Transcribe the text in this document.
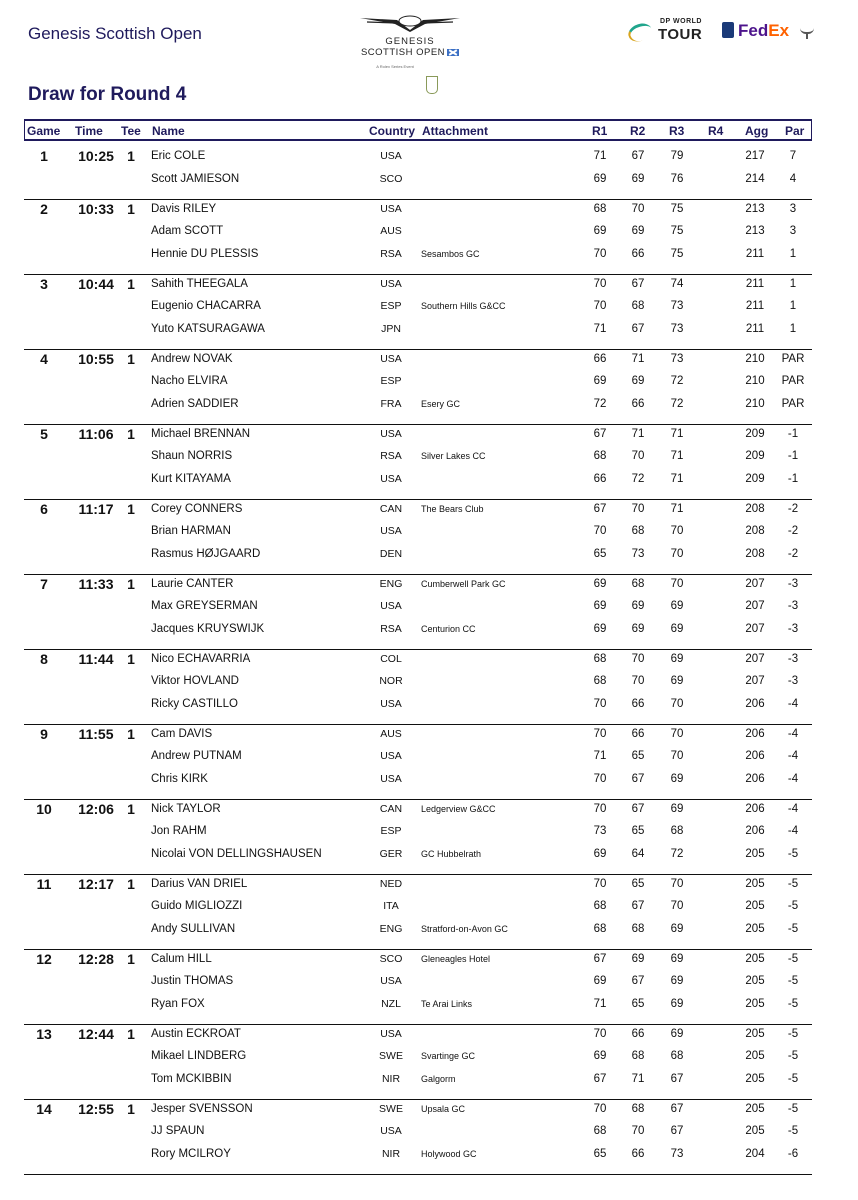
Genesis Scottish Open	GENESIS
SCOTTISH OPEN
A Rolex Series Event
DP WORLD
TOUR FedEx
Draw for Round 4
Game Time Tee Name	Country Attachment	R1 R2 R3 R4 Agg Par
1	10:25 1	Eric COLE	USA	71	67	79	217	7
Scott JAMIESON	SCO	69	69	76	214	4
2	10:33 1	Davis RILEY	USA	68	70	75	213	3
Adam SCOTT	AUS	69	69	75	213	3
Hennie DU PLESSIS	RSA	Sesambos GC	70	66	75	211	1
3	10:44 1	Sahith THEEGALA	USA	70	67	74	211	1
Eugenio CHACARRA	ESP	Southern Hills G&CC	70	68	73	211	1
Yuto KATSURAGAWA	JPN	71	67	73	211	1
4	10:55 1	Andrew NOVAK	USA	66	71	73	210	PAR
Nacho ELVIRA	ESP	69	69	72	210	PAR
Adrien SADDIER	FRA	Esery GC	72	66	72	210	PAR
5	11:06 1	Michael BRENNAN	USA	67	71	71	209	-1
Shaun NORRIS	RSA	Silver Lakes CC	68	70	71	209	-1
Kurt KITAYAMA	USA	66	72	71	209	-1
6	11:17 1	Corey CONNERS	CAN	The Bears Club	67	70	71	208	-2
Brian HARMAN	USA	70	68	70	208	-2
Rasmus HØJGAARD	DEN	65	73	70	208	-2
7	11:33 1	Laurie CANTER	ENG	Cumberwell Park GC	69	68	70	207	-3
Max GREYSERMAN	USA	69	69	69	207	-3
Jacques KRUYSWIJK	RSA	Centurion CC	69	69	69	207	-3
8	11:44 1	Nico ECHAVARRIA	COL	68	70	69	207	-3
Viktor HOVLAND	NOR	68	70	69	207	-3
Ricky CASTILLO	USA	70	66	70	206	-4
9	11:55 1	Cam DAVIS	AUS	70	66	70	206	-4
Andrew PUTNAM	USA	71	65	70	206	-4
Chris KIRK	USA	70	67	69	206	-4
10	12:06 1	Nick TAYLOR	CAN	Ledgerview G&CC	70	67	69	206	-4
Jon RAHM	ESP	73	65	68	206	-4
Nicolai VON DELLINGSHAUSEN	GER	GC Hubbelrath	69	64	72	205	-5
11	12:17 1	Darius VAN DRIEL	NED	70	65	70	205	-5
Guido MIGLIOZZI	ITA	68	67	70	205	-5
Andy SULLIVAN	ENG	Stratford-on-Avon GC	68	68	69	205	-5
12	12:28 1	Calum HILL	SCO	Gleneagles Hotel	67	69	69	205	-5
Justin THOMAS	USA	69	67	69	205	-5
Ryan FOX	NZL	Te Arai Links	71	65	69	205	-5
13	12:44 1	Austin ECKROAT	USA	70	66	69	205	-5
Mikael LINDBERG	SWE	Svartinge GC	69	68	68	205	-5
Tom MCKIBBIN	NIR	Galgorm	67	71	67	205	-5
14	12:55 1	Jesper SVENSSON	SWE	Upsala GC	70	68	67	205	-5
JJ SPAUN	USA	68	70	67	205	-5
Rory MCILROY	NIR	Holywood GC	65	66	73	204	-6
